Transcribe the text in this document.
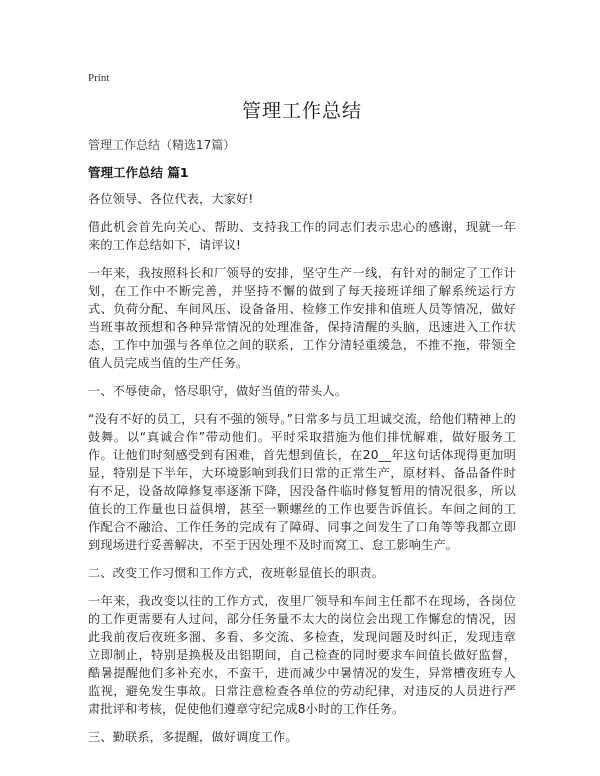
Print
管理工作总结
管理工作总结（精选17篇）
管理工作总结 篇1

各位领导、各位代表，大家好!

借此机会首先向关心、帮助、支持我工作的同志们表示忠心的感谢，现就一年来的工作总结如下，请评议!

一年来，我按照科长和厂领导的安排，坚守生产一线，有针对的制定了工作计划，在工作中不断完善，并坚持不懈的做到了每天接班详细了解系统运行方式、负荷分配、车间风压、设备备用、检修工作安排和值班人员等情况，做好当班事故预想和各种异常情况的处理准备，保持清醒的头脑，迅速进入工作状态，工作中加强与各单位之间的联系，工作分清轻重缓急，不推不拖，带领全值人员完成当值的生产任务。

一、不辱使命，恪尽职守，做好当值的带头人。

“没有不好的员工，只有不强的领导。”日常多与员工坦诚交流，给他们精神上的鼓舞。以“真诚合作”带动他们。平时采取措施为他们排忧解难，做好服务工作。让他们时刻感受到有困难，首先想到值长，在20__年这句话体现得更加明显，特别是下半年，大环境影响到我们日常的正常生产，原材料、备品备件时有不足，设备故障修复率逐渐下降，因没备件临时修复暂用的情况很多，所以值长的工作量也日益俱增，甚至一颗螺丝的工作也要告诉值长。车间之间的工作配合不融洽、工作任务的完成有了障碍、同事之间发生了口角等等我都立即到现场进行妥善解决，不至于因处理不及时而窝工、怠工影响生产。

二、改变工作习惯和工作方式，夜班彰显值长的职责。

一年来，我改变以往的工作方式，夜里厂领导和车间主任都不在现场，各岗位的工作更需要有人过问，部分任务量不太大的岗位会出现工作懈怠的情况，因此我前夜后夜班多溜、多看、多交流、多检查，发现问题及时纠正，发现违章立即制止，特别是换极及出铝期间，自己检查的同时要求车间值长做好监督，酷暑提醒他们多补充水，不蛮干，进而减少中暑情况的发生，异常槽夜班专人监视，避免发生事故。日常注意检查各单位的劳动纪律，对违反的人员进行严肃批评和考核，促使他们遵章守纪完成8小时的工作任务。

三、勤联系，多提醒，做好调度工作。
